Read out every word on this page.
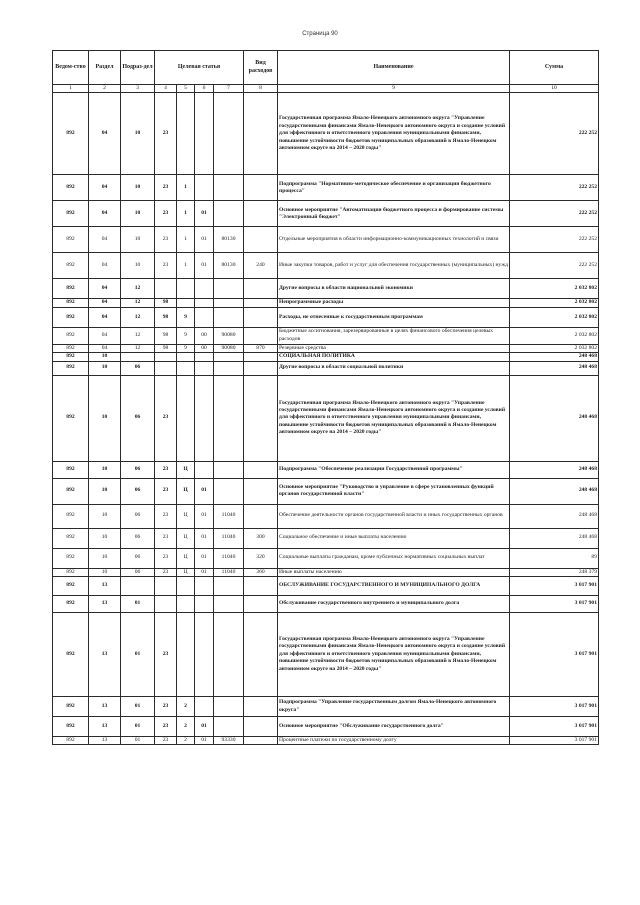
Страница 90
Ведом-ство	Раздел	Подраз-дел	Целевая статья				Вид расходов	Наименование	Сумма
1	2	3	4	5	6	7	8	9	10
892	04	10	23					Государственная программа Ямало-Ненецкого автономного округа "Управление государственными финансами Ямало-Ненецкого автономного округа и создание условий для эффективного и ответственного управления муниципальными финансами, повышение устойчивости бюджетов муниципальных образований в Ямало-Ненецком автономном округе на 2014 – 2020 годы"	222 252
892	04	10	23	1				Подпрограмма "Нормативно-методическое обеспечение и организация бюджетного процесса"	222 252
892	04	10	23	1	01			Основное мероприятие "Автоматизация бюджетного процесса и формирование системы "Электронный бюджет"	222 252
892	04	10	23	1	01	80130		Отдельные мероприятия в области информационно-коммуникационных технологий и связи	222 252
892	04	10	23	1	01	80130	240	Иные закупки товаров, работ и услуг для обеспечения государственных (муниципальных) нужд	222 252
892	04	12						Другие вопросы в области национальной экономики	2 032 802
892	04	12	98					Непрограммные расходы	2 032 802
892	04	12	98	9				Расходы, не отнесенные к государственным программам	2 032 802
892	04	12	98	9	00	90080		Бюджетные ассигнования, зарезервированные в целях финансового обеспечения целевых расходов	2 032 802
892	04	12	98	9	00	90080	870	Резервные средства	2 032 802
892	10							СОЦИАЛЬНАЯ ПОЛИТИКА	248 468
892	10	06						Другие вопросы в области социальной политики	248 468
892	10	06	23					Государственная программа Ямало-Ненецкого автономного округа "Управление государственными финансами Ямало-Ненецкого автономного округа и создание условий для эффективного и ответственного управления муниципальными финансами, повышение устойчивости бюджетов муниципальных образований в Ямало-Ненецком автономном округе на 2014 – 2020 годы"	248 468
892	10	06	23	Ц				Подпрограмма "Обеспечение реализации Государственной программы"	248 468
892	10	06	23	Ц	01			Основное мероприятие "Руководство и управление в сфере установленных функций органов государственной власти"	248 468
892	10	06	23	Ц	01	11040		Обеспечение деятельности органов государственной власти и иных государственных органов	248 468
892	10	06	23	Ц	01	11040	300	Социальное обеспечение и иные выплаты населению	248 468
892	10	06	23	Ц	01	11040	320	Социальные выплаты гражданам, кроме публичных нормативных социальных выплат	89
892	10	06	23	Ц	01	11040	360	Иные выплаты населению	248 379
892	13							ОБСЛУЖИВАНИЕ ГОСУДАРСТВЕННОГО И МУНИЦИПАЛЬНОГО ДОЛГА	3 017 901
892	13	01						Обслуживание государственного внутреннего и муниципального долга	3 017 901
892	13	01	23					Государственная программа Ямало-Ненецкого автономного округа "Управление государственными финансами Ямало-Ненецкого автономного округа и создание условий для эффективного и ответственного управления муниципальными финансами, повышение устойчивости бюджетов муниципальных образований в Ямало-Ненецком автономном округе на 2014 – 2020 годы"	3 017 901
892	13	01	23	2				Подпрограмма "Управление государственным долгом Ямало-Ненецкого автономного округа"	3 017 901
892	13	01	23	2	01			Основное мероприятие "Обслуживание государственного долга"	3 017 901
892	13	01	23	2	01	93330		Процентные платежи по государственному долгу	3 017 901
